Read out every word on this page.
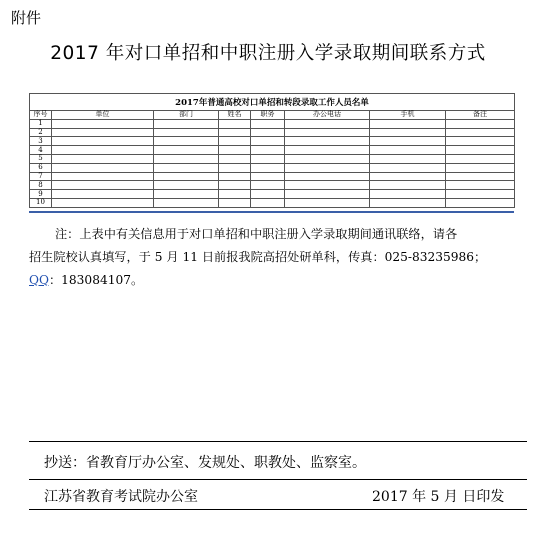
附件
2017 年对口单招和中职注册入学录取期间联系方式
2017年普通高校对口单招和转段录取工作人员名单
序号	单位	部门	姓名	职务	办公电话	手机	备注
1							
2							
3							
4							
5							
6							
7							
8							
9							
10							

注：上表中有关信息用于对口单招和中职注册入学录取期间通讯联络，请各

招生院校认真填写，于 5 月 11 日前报我院高招处研单科，传真：025-83235986；

QQ：183084107。

抄送：省教育厅办公室、发规处、职教处、监察室。
江苏省教育考试院办公室	2017 年 5 月 日印发
